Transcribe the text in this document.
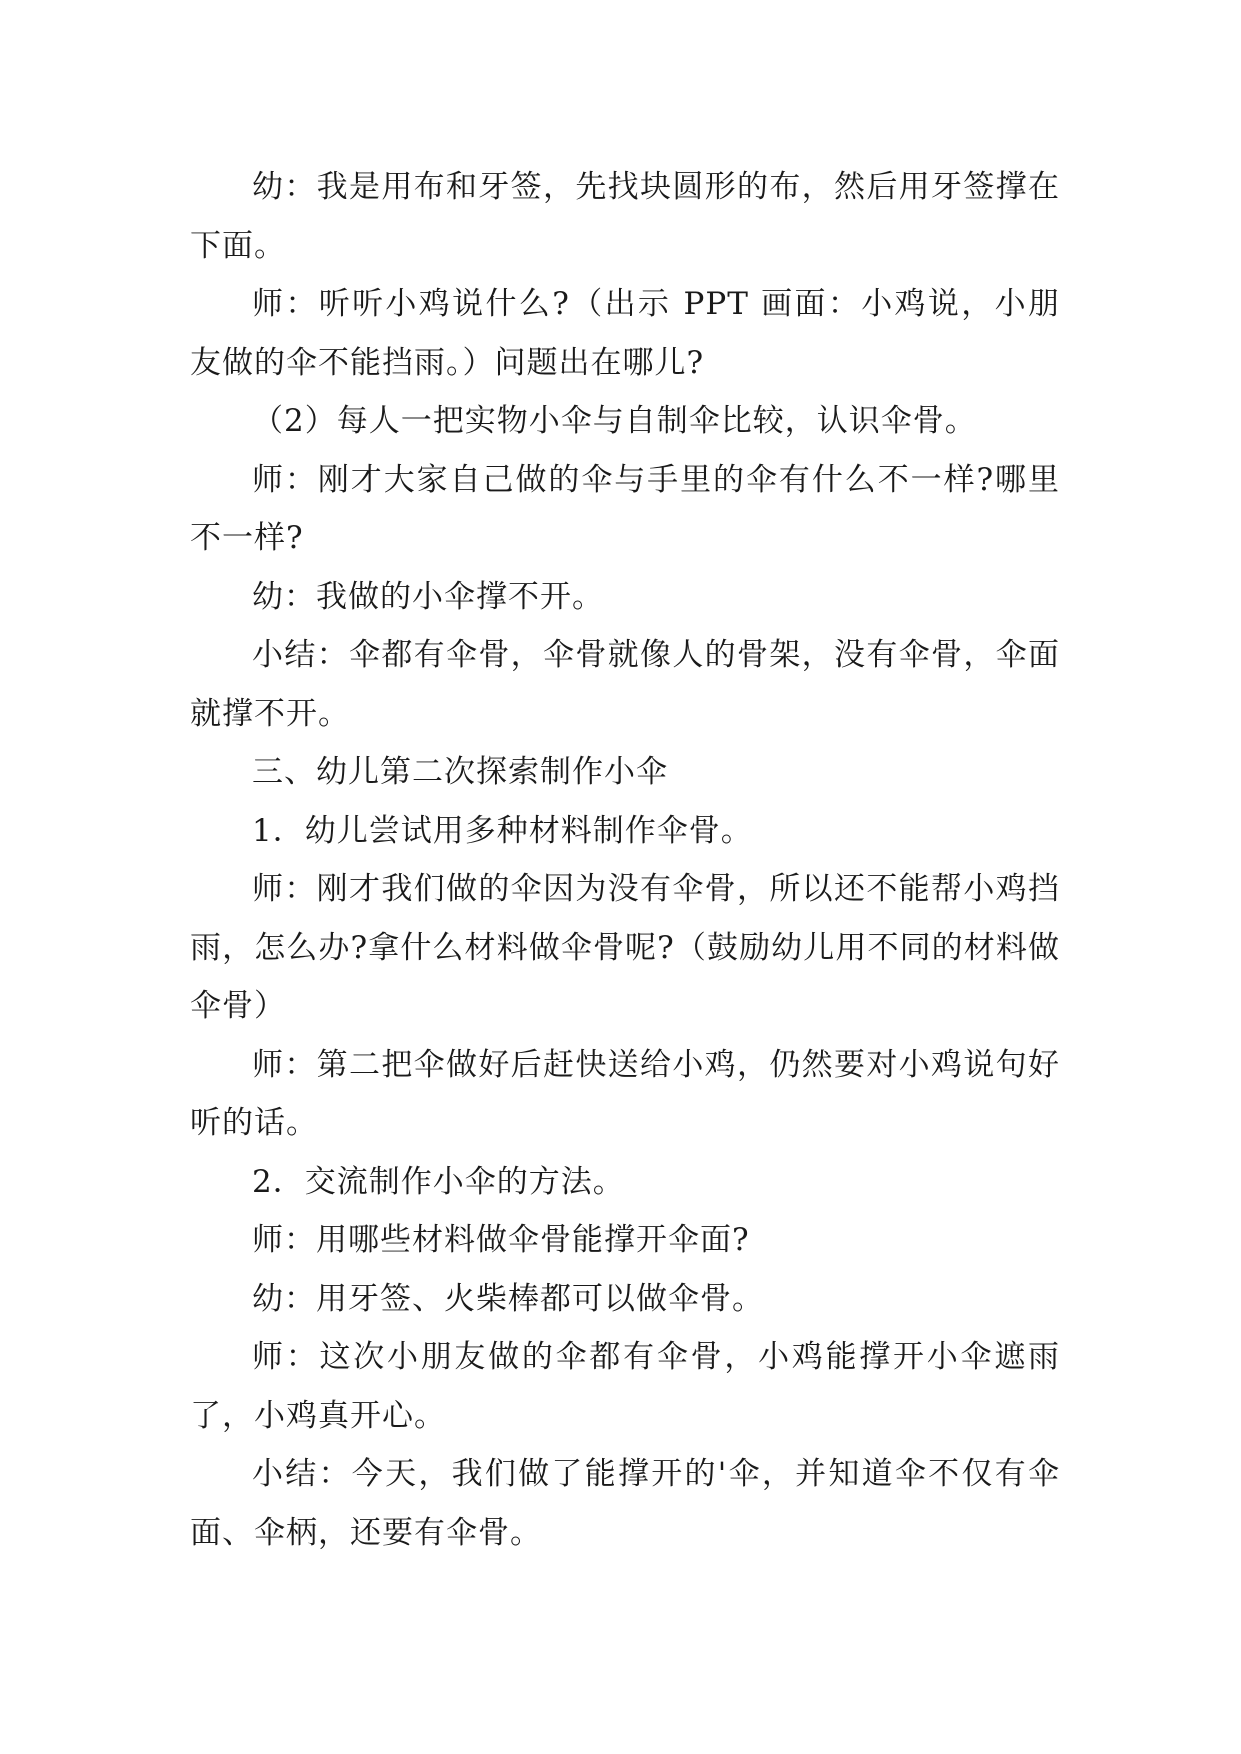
幼：我是用布和牙签，先找块圆形的布，然后用牙签撑在下面。

师：听听小鸡说什么?（出示 PPT 画面：小鸡说，小朋友做的伞不能挡雨。）问题出在哪儿?

（2）每人一把实物小伞与自制伞比较，认识伞骨。

师：刚才大家自己做的伞与手里的伞有什么不一样?哪里不一样?

幼：我做的小伞撑不开。

小结：伞都有伞骨，伞骨就像人的骨架，没有伞骨，伞面就撑不开。

三、幼儿第二次探索制作小伞

1．幼儿尝试用多种材料制作伞骨。

师：刚才我们做的伞因为没有伞骨，所以还不能帮小鸡挡雨，怎么办?拿什么材料做伞骨呢?（鼓励幼儿用不同的材料做伞骨）

师：第二把伞做好后赶快送给小鸡，仍然要对小鸡说句好听的话。

2．交流制作小伞的方法。

师：用哪些材料做伞骨能撑开伞面?

幼：用牙签、火柴棒都可以做伞骨。

师：这次小朋友做的伞都有伞骨，小鸡能撑开小伞遮雨了，小鸡真开心。

小结：今天，我们做了能撑开的'伞，并知道伞不仅有伞面、伞柄，还要有伞骨。
